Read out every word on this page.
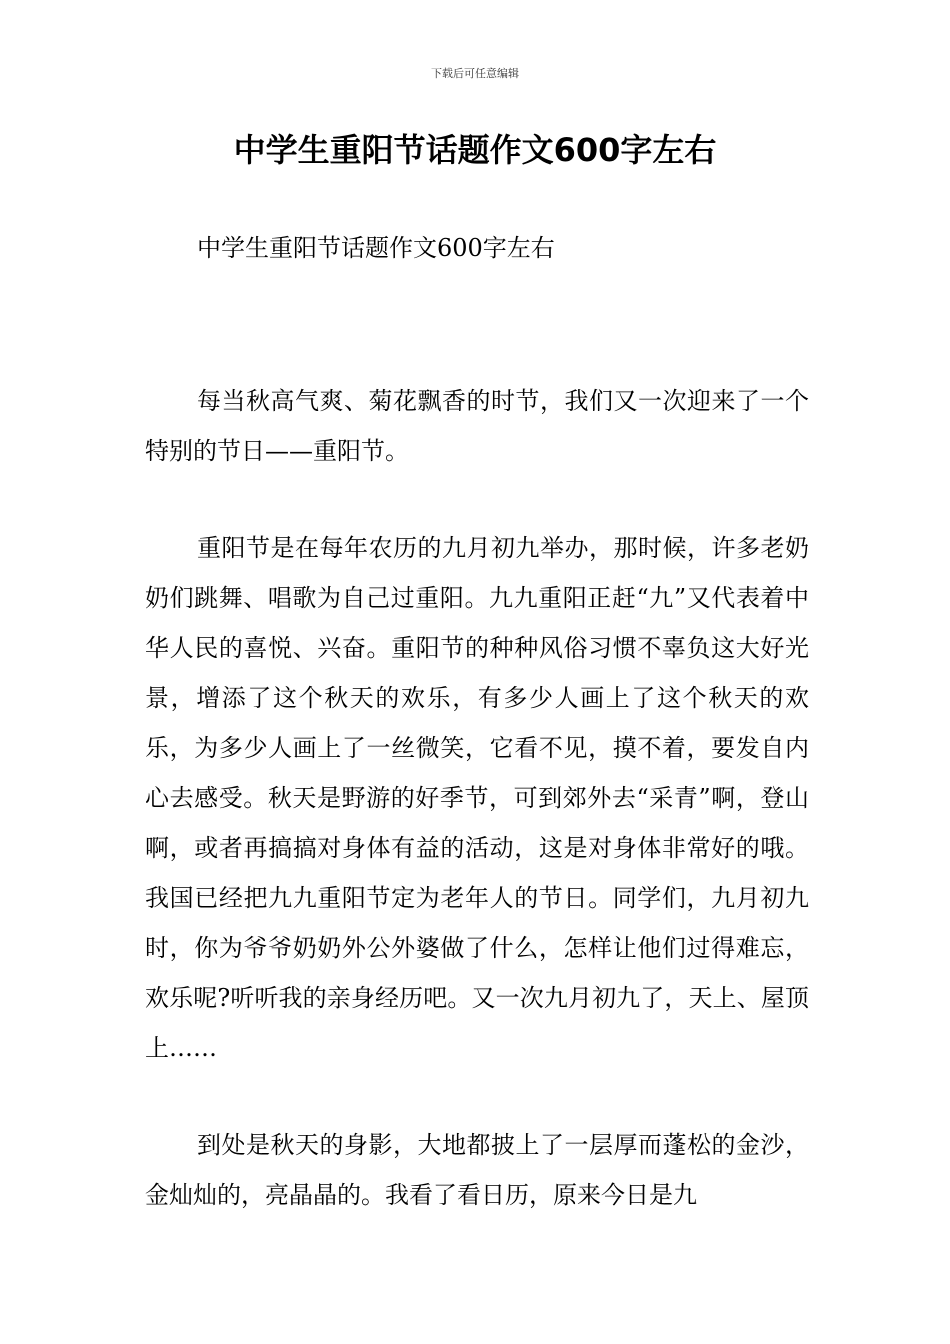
下载后可任意编辑
中学生重阳节话题作文600字左右

中学生重阳节话题作文600字左右

每当秋高气爽、菊花飘香的时节，我们又一次迎来了一个特别的节日——重阳节。

重阳节是在每年农历的九月初九举办，那时候，许多老奶奶们跳舞、唱歌为自己过重阳。九九重阳正赶“九”又代表着中华人民的喜悦、兴奋。重阳节的种种风俗习惯不辜负这大好光景，增添了这个秋天的欢乐，有多少人画上了这个秋天的欢乐，为多少人画上了一丝微笑，它看不见，摸不着，要发自内心去感受。秋天是野游的好季节，可到郊外去“采青”啊，登山啊，或者再搞搞对身体有益的活动，这是对身体非常好的哦。我国已经把九九重阳节定为老年人的节日。同学们，九月初九时，你为爷爷奶奶外公外婆做了什么，怎样让他们过得难忘，欢乐呢?听听我的亲身经历吧。又一次九月初九了，天上、屋顶上……

到处是秋天的身影，大地都披上了一层厚而蓬松的金沙，金灿灿的，亮晶晶的。我看了看日历，原来今日是九
